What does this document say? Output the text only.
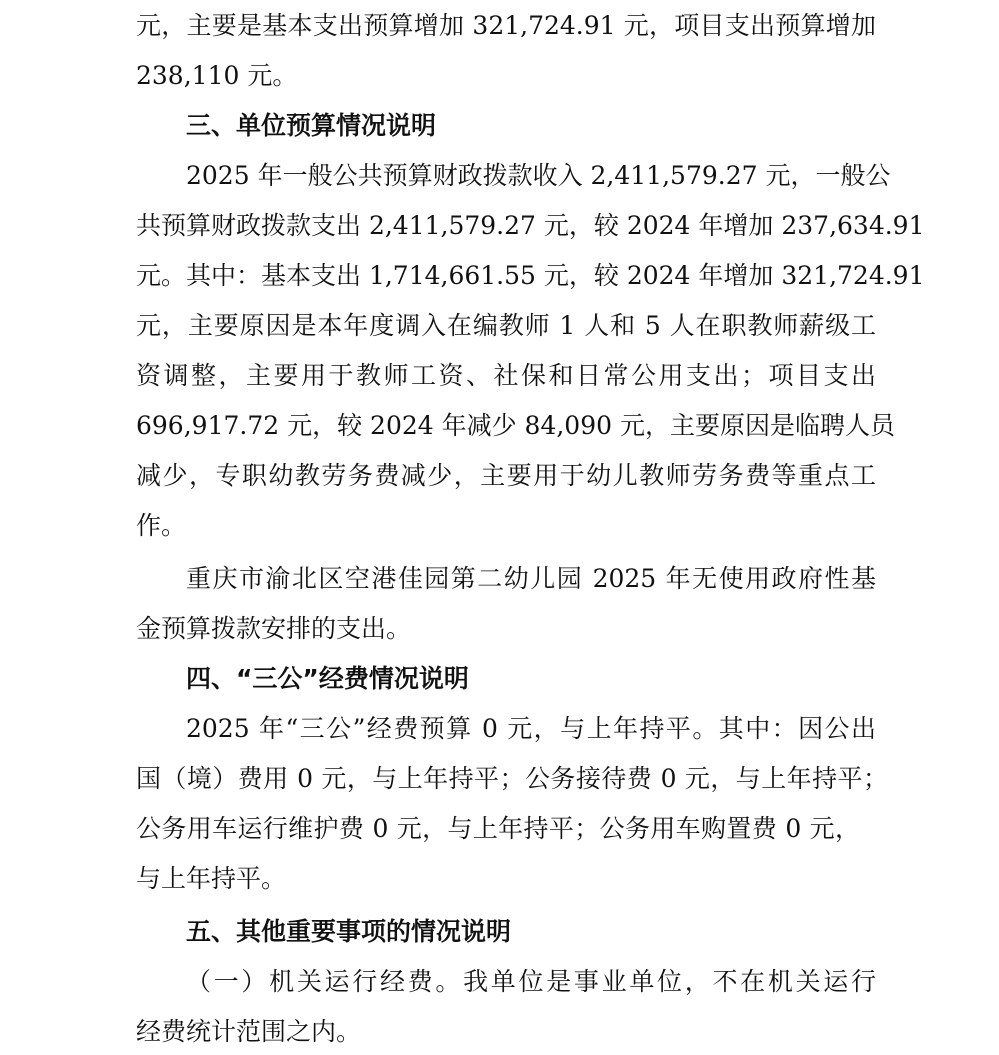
元，主要是基本支出预算增加 321,724.91 元，项目支出预算增加
238,110 元。
三、单位预算情况说明
2025 年一般公共预算财政拨款收入 2,411,579.27 元，一般公
共预算财政拨款支出 2,411,579.27 元，较 2024 年增加 237,634.91
元。其中：基本支出 1,714,661.55 元，较 2024 年增加 321,724.91
元，主要原因是本年度调入在编教师 1 人和 5 人在职教师薪级工
资调整，主要用于教师工资、社保和日常公用支出；项目支出
696,917.72 元，较 2024 年减少 84,090 元，主要原因是临聘人员
减少，专职幼教劳务费减少，主要用于幼儿教师劳务费等重点工
作。
重庆市渝北区空港佳园第二幼儿园 2025 年无使用政府性基
金预算拨款安排的支出。
四、“三公”经费情况说明
2025 年“三公”经费预算 0 元，与上年持平。其中：因公出
国（境）费用 0 元，与上年持平；公务接待费 0 元，与上年持平；
公务用车运行维护费 0 元，与上年持平；公务用车购置费 0 元，
与上年持平。
五、其他重要事项的情况说明
（一）机关运行经费。我单位是事业单位，不在机关运行
经费统计范围之内。
